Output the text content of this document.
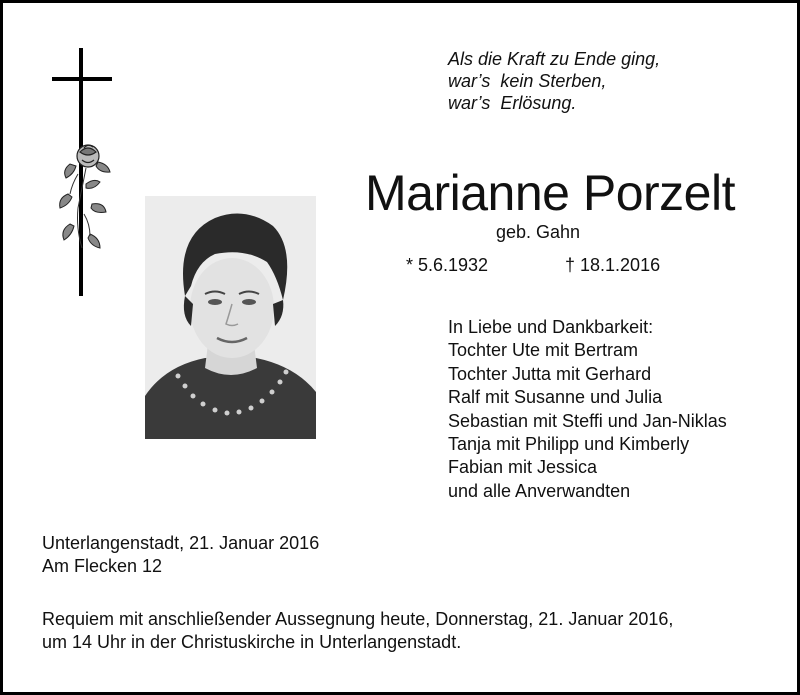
Als die Kraft zu Ende ging,
war’s  kein Sterben,
war’s  Erlösung.
Marianne Porzelt
geb. Gahn
* 5.6.1932	† 18.1.2016
In Liebe und Dankbarkeit:
Tochter Ute mit Bertram
Tochter Jutta mit Gerhard
Ralf mit Susanne und Julia
Sebastian mit Steffi und Jan-Niklas
Tanja mit Philipp und Kimberly
Fabian mit Jessica
und alle Anverwandten
Unterlangenstadt, 21. Januar 2016
Am Flecken 12
Requiem mit anschließender Aussegnung heute, Donnerstag, 21. Januar 2016,
um 14 Uhr in der Christuskirche in Unterlangenstadt.
